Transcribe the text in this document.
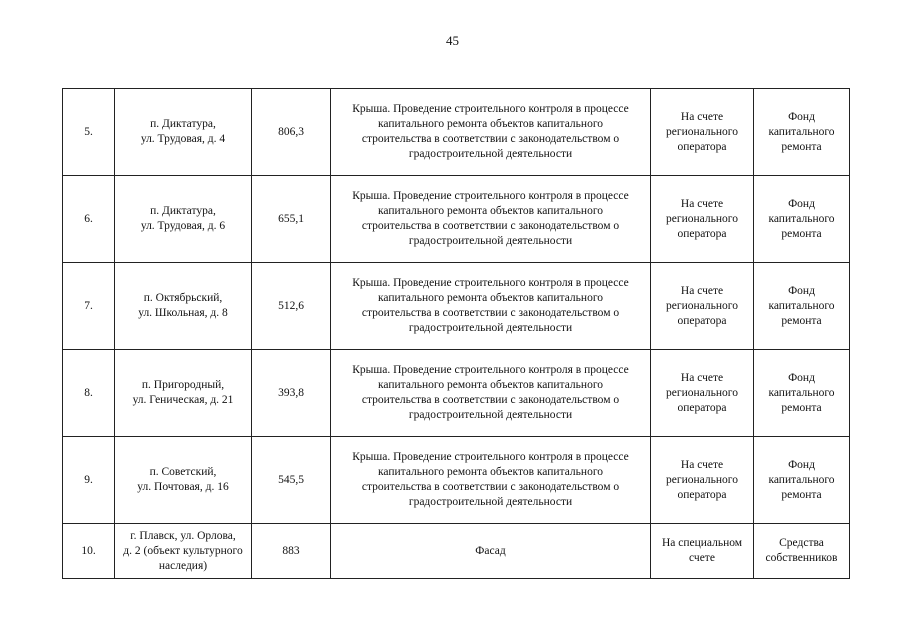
45
5.	п. Диктатура,
ул. Трудовая, д. 4	806,3	Крыша. Проведение строительного контроля в процессе
капитального ремонта объектов капитального
строительства в соответствии с законодательством о
градостроительной деятельности	На счете
регионального
оператора	Фонд
капитального
ремонта

6.	п. Диктатура,
ул. Трудовая, д. 6	655,1	Крыша. Проведение строительного контроля в процессе
капитального ремонта объектов капитального
строительства в соответствии с законодательством о
градостроительной деятельности	На счете
регионального
оператора	Фонд
капитального
ремонта

7.	п. Октябрьский,
ул. Школьная, д. 8	512,6	Крыша. Проведение строительного контроля в процессе
капитального ремонта объектов капитального
строительства в соответствии с законодательством о
градостроительной деятельности	На счете
регионального
оператора	Фонд
капитального
ремонта

8.	п. Пригородный,
ул. Геническая, д. 21	393,8	Крыша. Проведение строительного контроля в процессе
капитального ремонта объектов капитального
строительства в соответствии с законодательством о
градостроительной деятельности	На счете
регионального
оператора	Фонд
капитального
ремонта

9.	п. Советский,
ул. Почтовая, д. 16	545,5	Крыша. Проведение строительного контроля в процессе
капитального ремонта объектов капитального
строительства в соответствии с законодательством о
градостроительной деятельности	На счете
регионального
оператора	Фонд
капитального
ремонта

10.	г. Плавск, ул. Орлова,
д. 2 (объект культурного
наследия)	883	Фасад	На специальном
счете	Средства
собственников
